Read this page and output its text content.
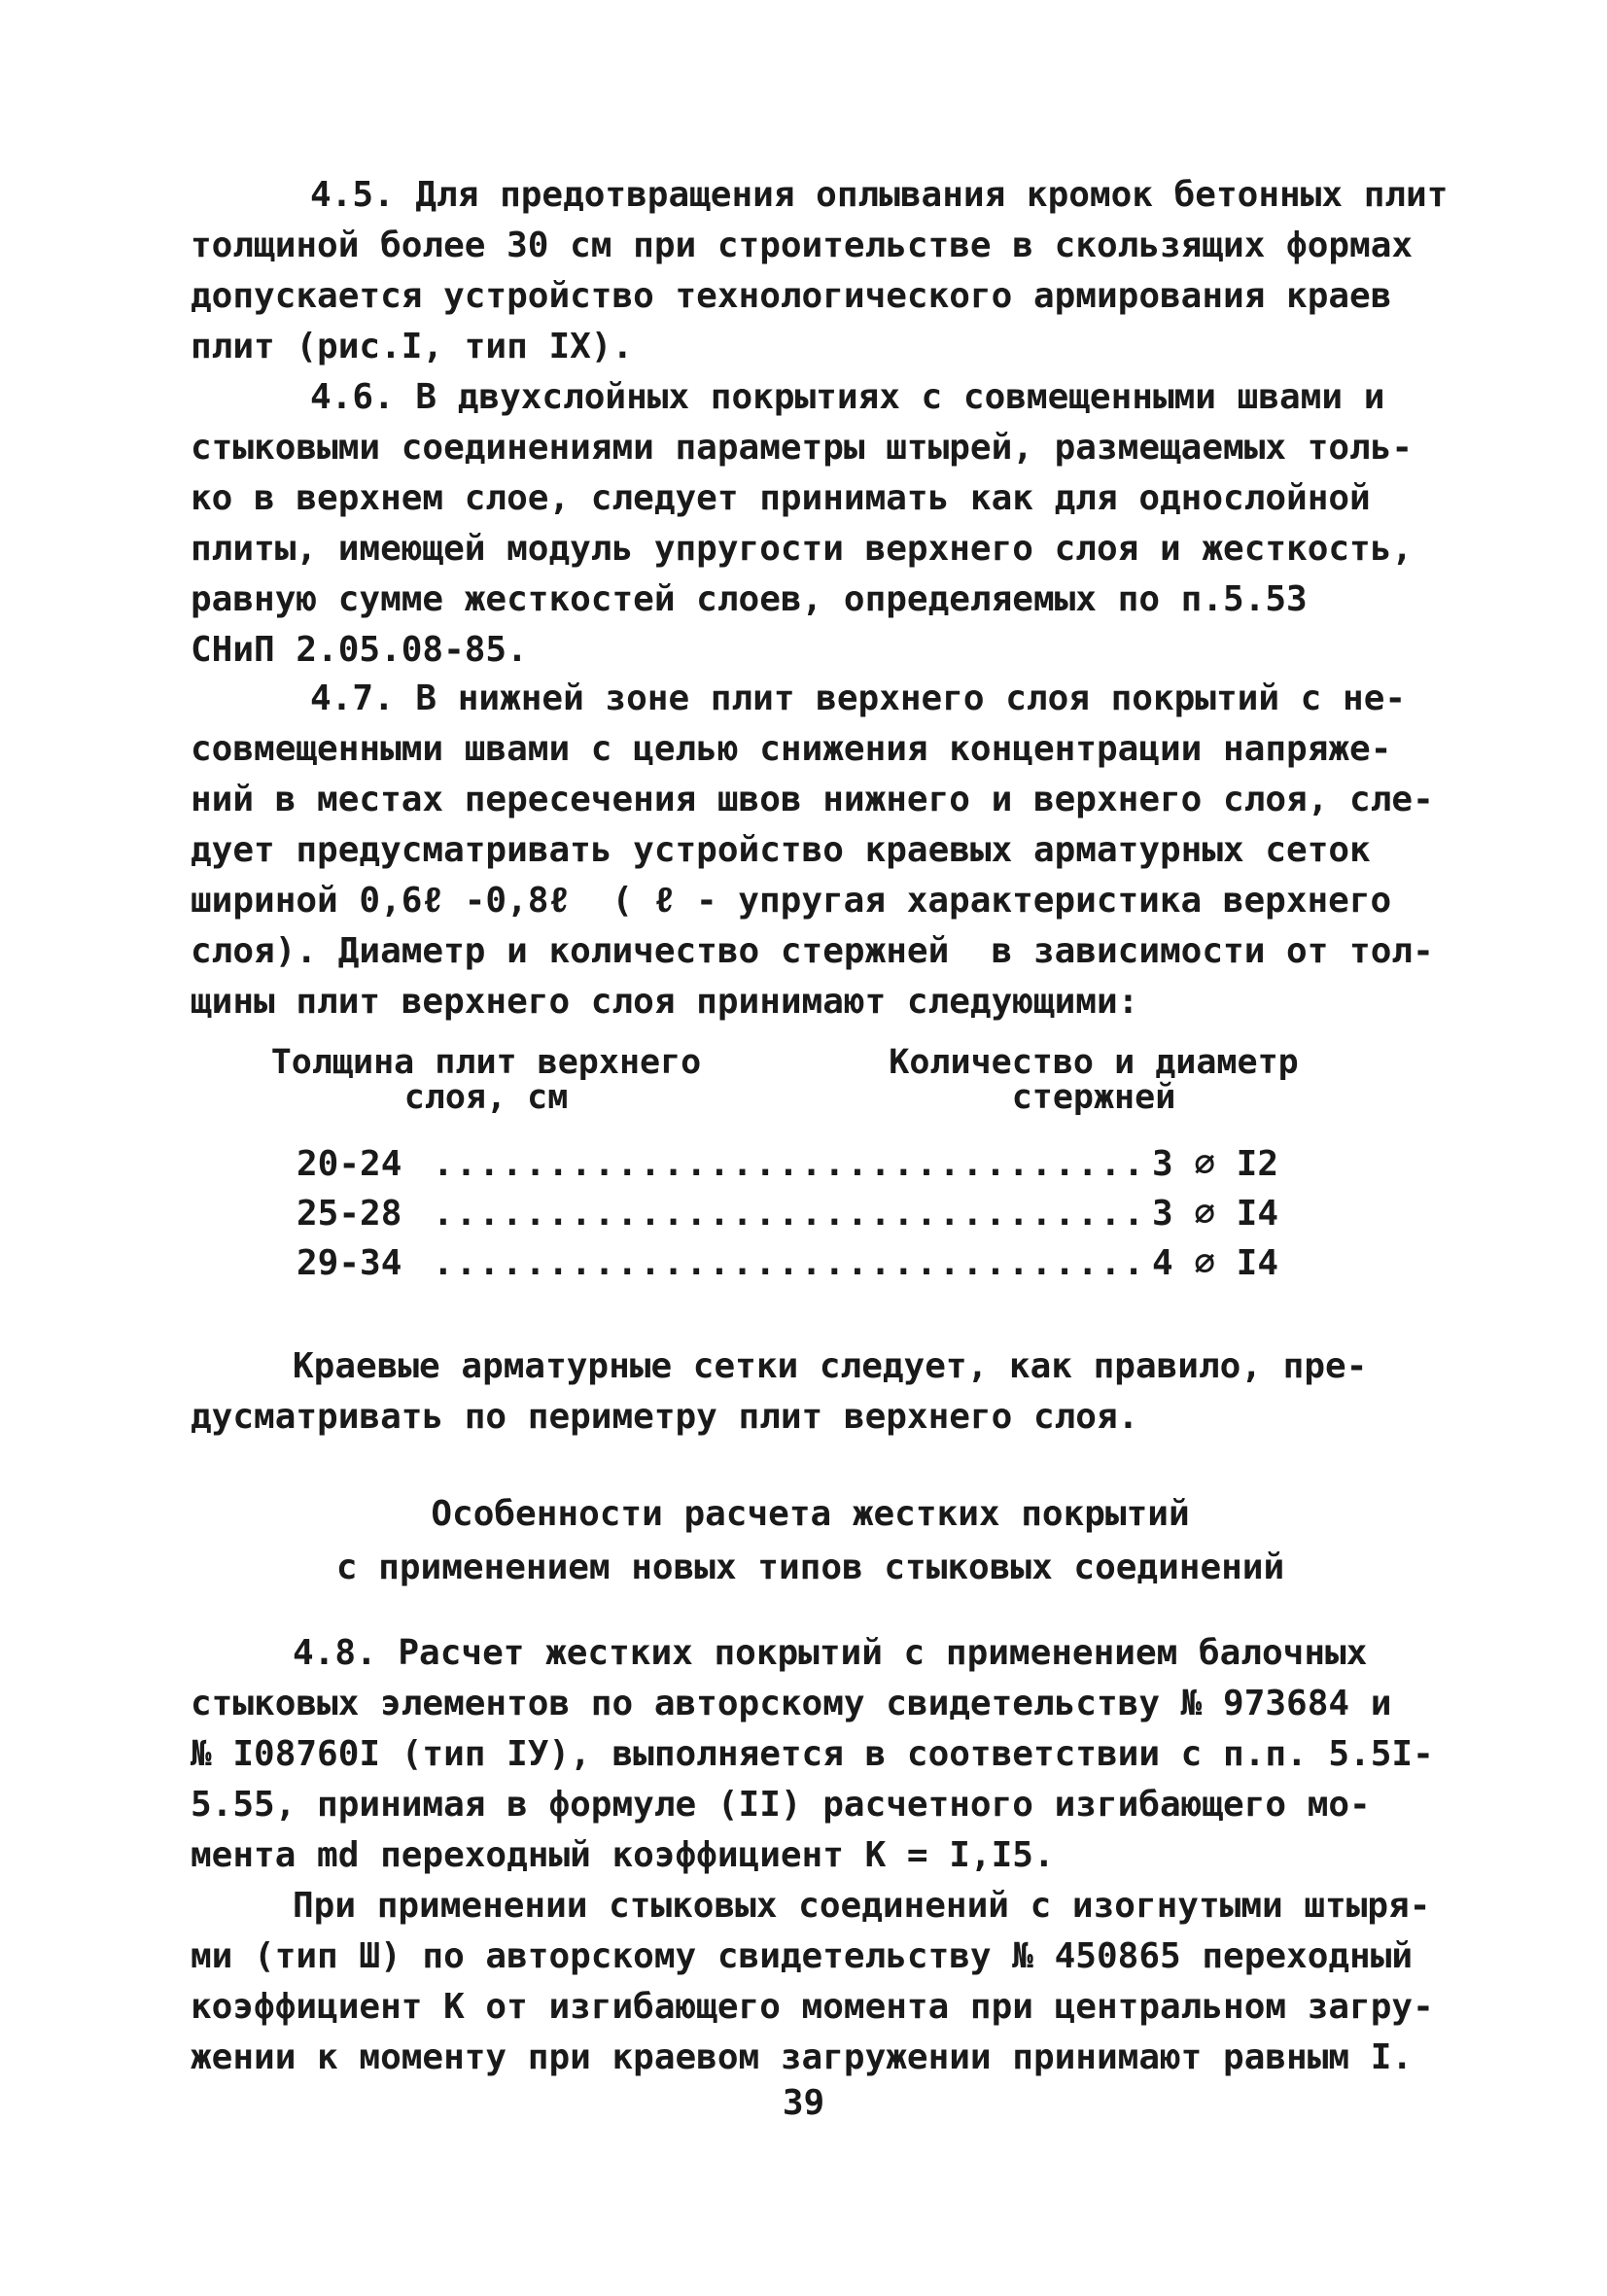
4.5. Для предотвращения оплывания кромок бетонных плит
толщиной более 30 см при строительстве в скользящих формах
допускается устройство технологического армирования краев
плит (рис.I, тип IX).
4.6. В двухслойных покрытиях с совмещенными швами и
стыковыми соединениями параметры штырей, размещаемых толь-
ко в верхнем слое, следует принимать как для однослойной
плиты, имеющей модуль упругости верхнего слоя и жесткость,
равную сумме жесткостей слоев, определяемых по п.5.53
СНиП 2.05.08-85.
4.7. В нижней зоне плит верхнего слоя покрытий с не-
совмещенными швами с целью снижения концентрации напряже-
ний в местах пересечения швов нижнего и верхнего слоя, сле-
дует предусматривать устройство краевых арматурных сеток
шириной 0,6ℓ -0,8ℓ  ( ℓ - упругая характеристика верхнего
слоя). Диаметр и количество стержней  в зависимости от тол-
щины плит верхнего слоя принимают следующими:
Толщина плит верхнего
слоя, см
Количество и диаметр
стержней
20-24 .....	3 ∅ I2
25-28 .....	3 ∅ I4
29-34 .....	4 ∅ I4
Краевые арматурные сетки следует, как правило, пре-
дусматривать по периметру плит верхнего слоя.
Особенности расчета жестких покрытий
с применением новых типов стыковых соединений
4.8. Расчет жестких покрытий с применением балочных
стыковых элементов по авторскому свидетельству № 973684 и
№ I08760I (тип IУ), выполняется в соответствии с п.п. 5.5I-
5.55, принимая в формуле (II) расчетного изгибающего мо-
мента md переходный коэффициент К = I,I5.
При применении стыковых соединений с изогнутыми штыря-
ми (тип Ш) по авторскому свидетельству № 450865 переходный
коэффициент К от изгибающего момента при центральном загру-
жении к моменту при краевом загружении принимают равным I.
39
